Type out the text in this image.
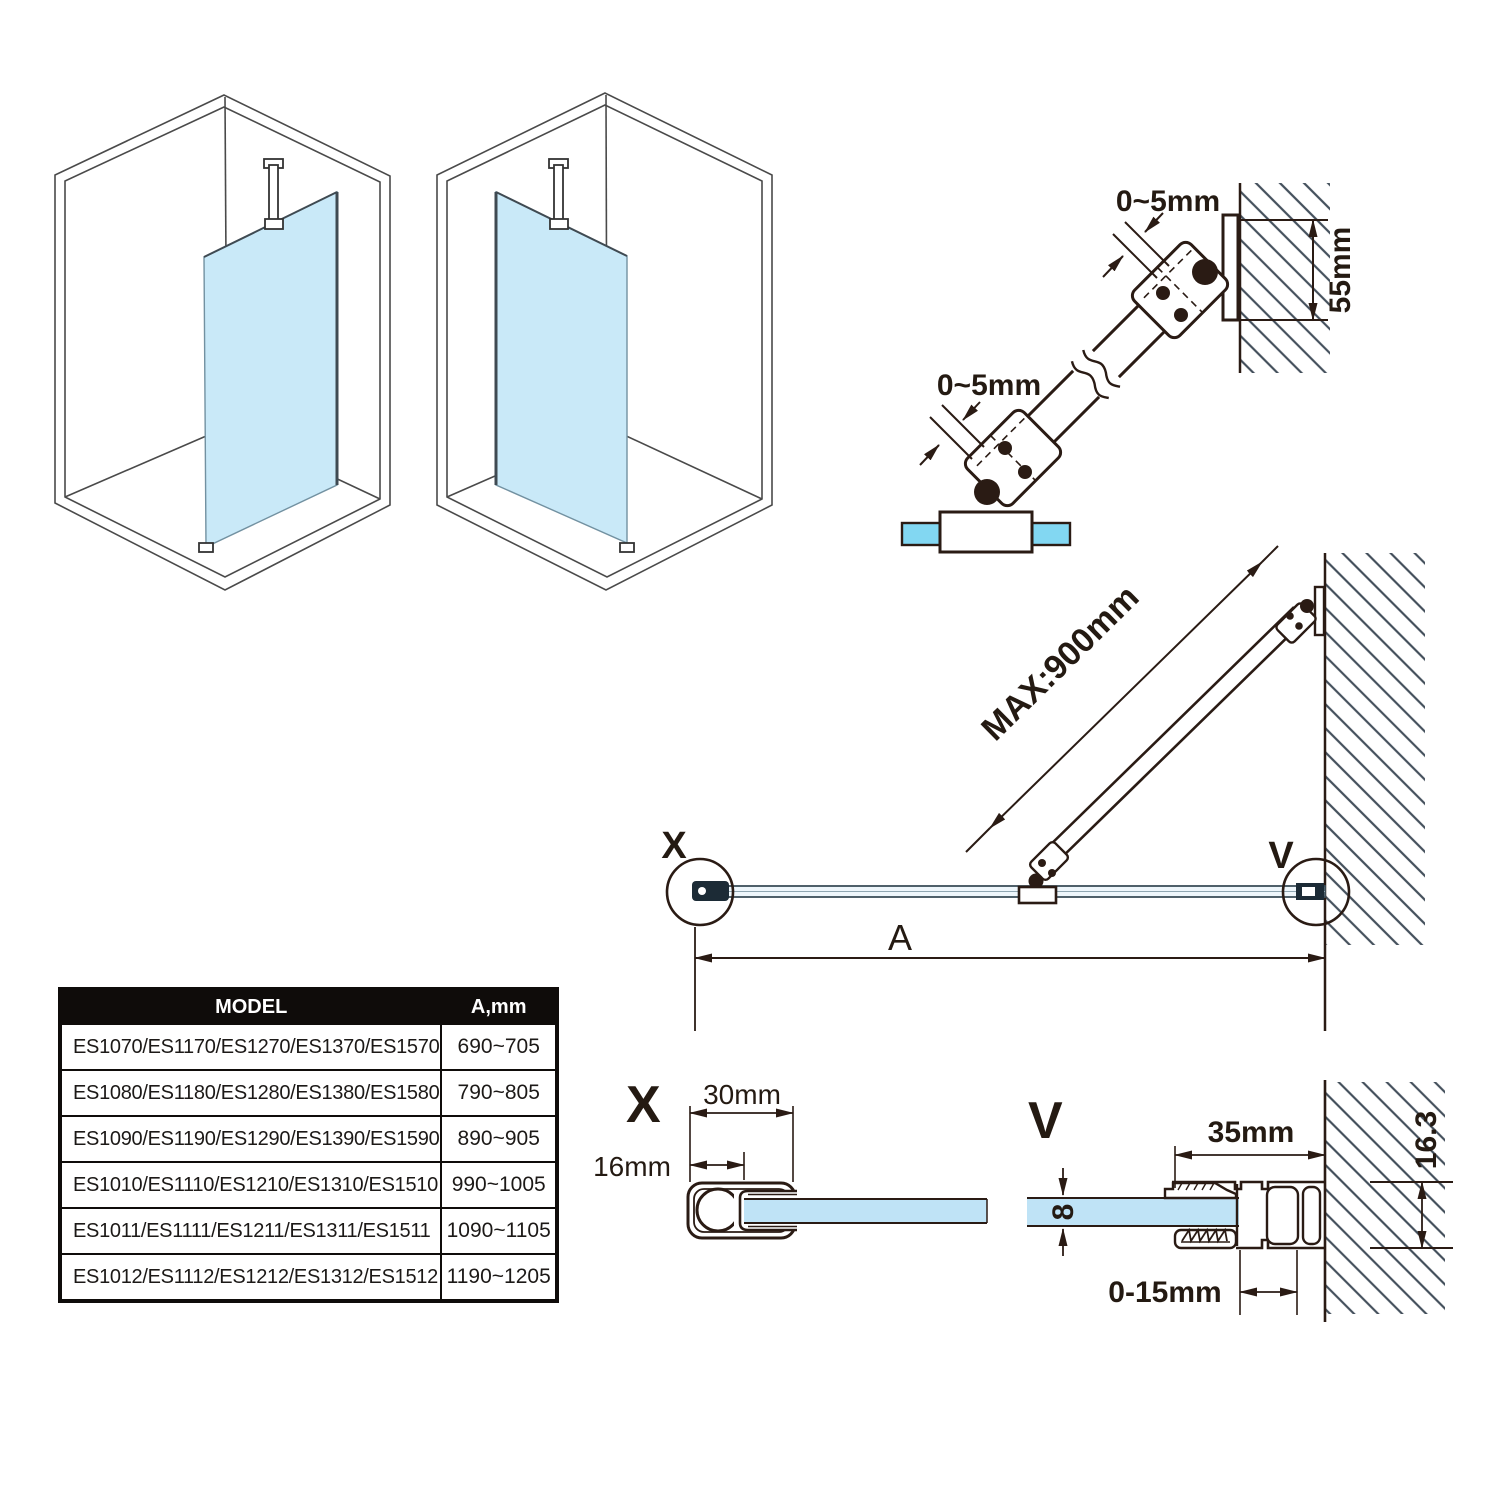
55mm
0~5mm
0~5mm
MAX:900mm
A
X	V
X 30mm
16mm
V
8
35mm
0-15mm
16.3
MODEL	A,mm
ES1070/ES1170/ES1270/ES1370/ES1570	690~705
ES1080/ES1180/ES1280/ES1380/ES1580	790~805
ES1090/ES1190/ES1290/ES1390/ES1590	890~905
ES1010/ES1110/ES1210/ES1310/ES1510	990~1005
ES1011/ES1111/ES1211/ES1311/ES1511	1090~1105
ES1012/ES1112/ES1212/ES1312/ES1512	1190~1205
